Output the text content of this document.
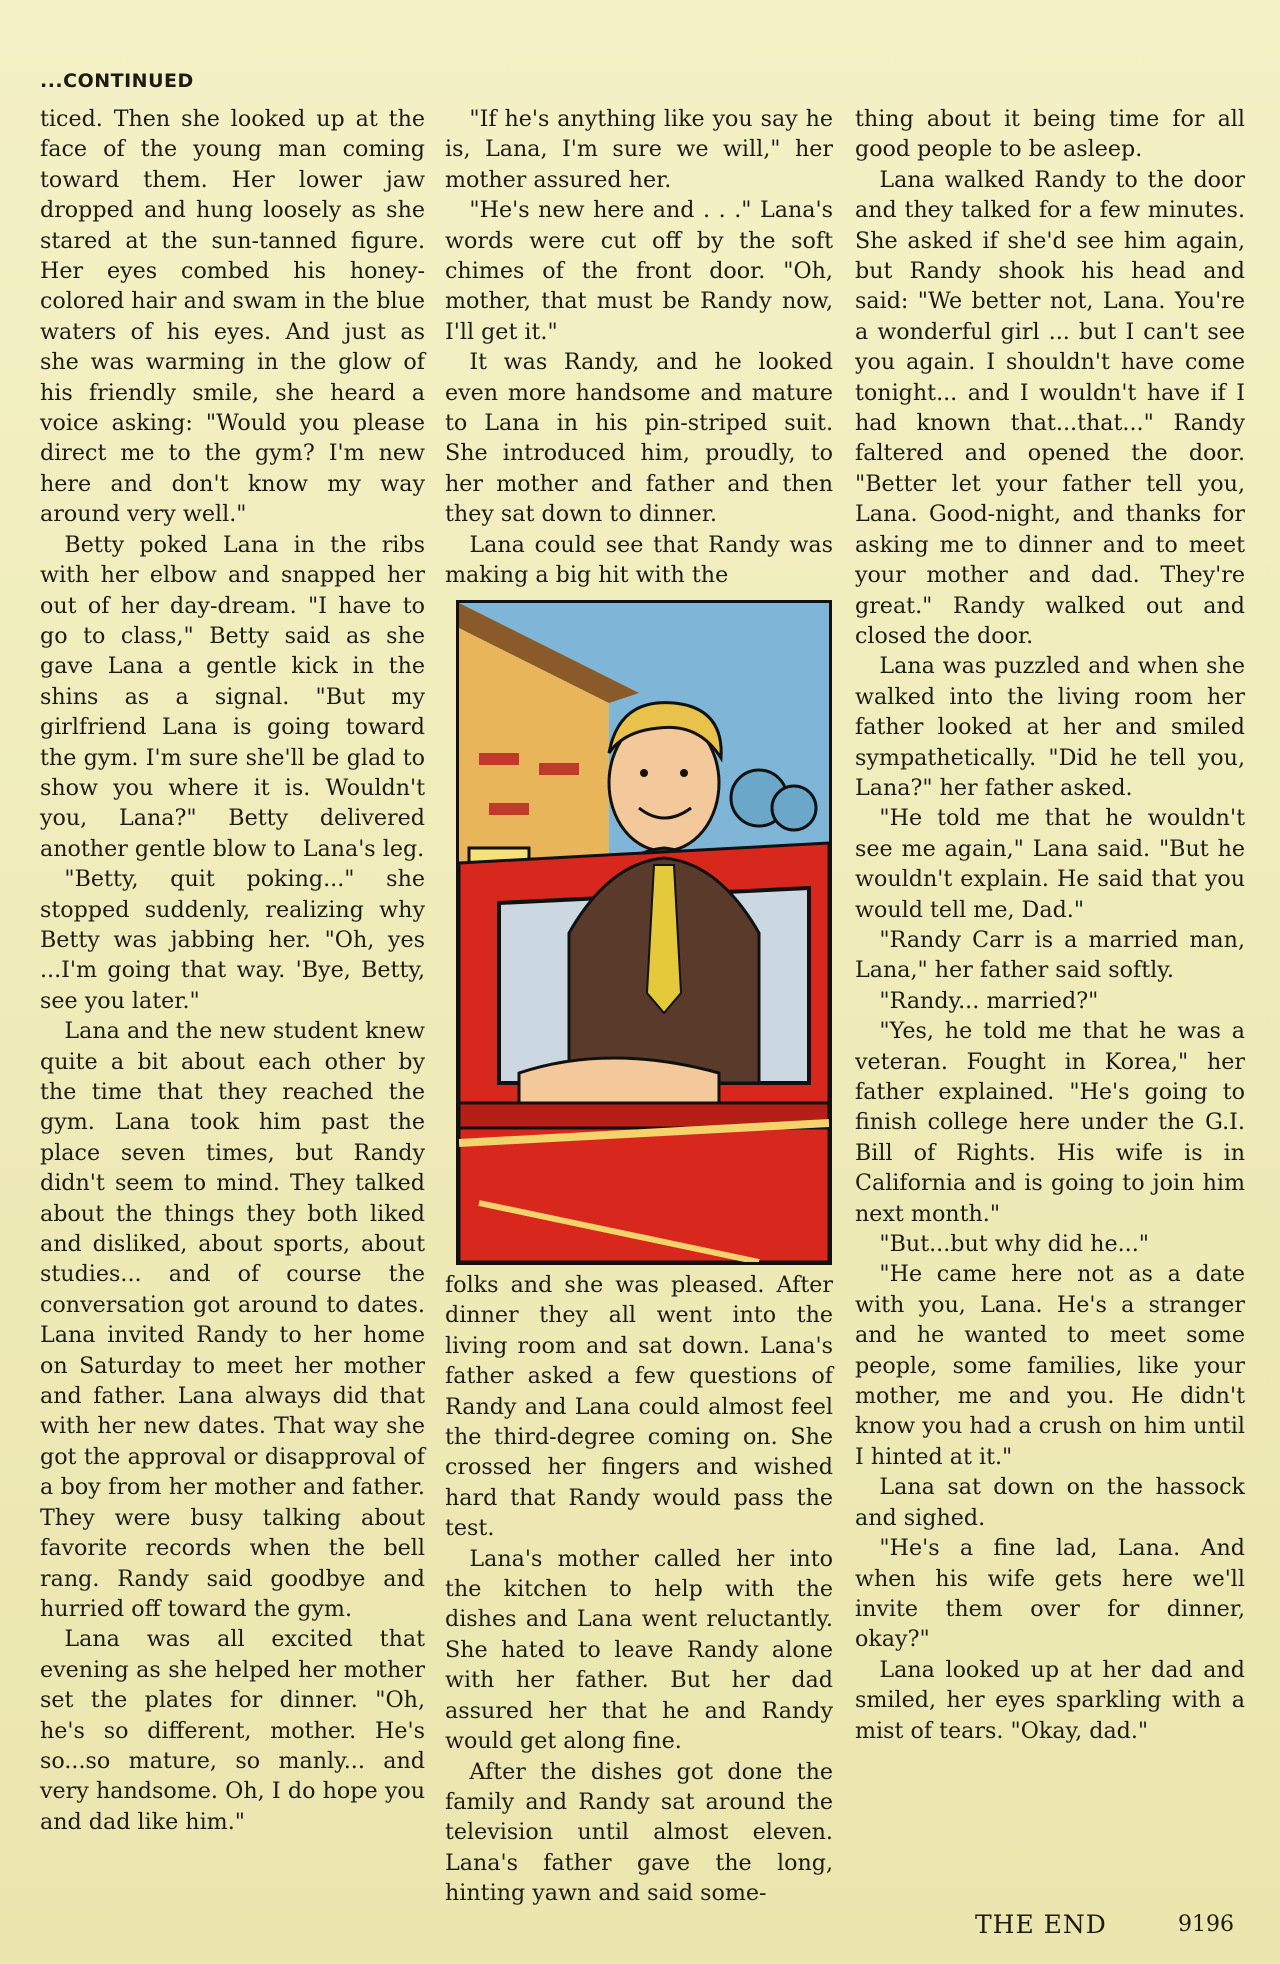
...CONTINUED

ticed. Then she looked up at the face of the young man coming toward them. Her lower jaw dropped and hung loosely as she stared at the sun-tanned figure. Her eyes combed his honey-colored hair and swam in the blue waters of his eyes. And just as she was warming in the glow of his friendly smile, she heard a voice asking: "Would you please direct me to the gym? I'm new here and don't know my way around very well."

Betty poked Lana in the ribs with her elbow and snapped her out of her day-dream. "I have to go to class," Betty said as she gave Lana a gentle kick in the shins as a signal. "But my girlfriend Lana is going toward the gym. I'm sure she'll be glad to show you where it is. Wouldn't you, Lana?" Betty delivered another gentle blow to Lana's leg.

"Betty, quit poking..." she stopped suddenly, realizing why Betty was jabbing her. "Oh, yes ...I'm going that way. 'Bye, Betty, see you later."

Lana and the new student knew quite a bit about each other by the time that they reached the gym. Lana took him past the place seven times, but Randy didn't seem to mind. They talked about the things they both liked and disliked, about sports, about studies... and of course the conversation got around to dates. Lana invited Randy to her home on Saturday to meet her mother and father. Lana always did that with her new dates. That way she got the approval or disapproval of a boy from her mother and father. They were busy talking about favorite records when the bell rang. Randy said goodbye and hurried off toward the gym.

Lana was all excited that evening as she helped her mother set the plates for dinner. "Oh, he's so different, mother. He's so...so mature, so manly... and very handsome. Oh, I do hope you and dad like him."

"If he's anything like you say he is, Lana, I'm sure we will," her mother assured her.

"He's new here and . . ." Lana's words were cut off by the soft chimes of the front door. "Oh, mother, that must be Randy now, I'll get it."

It was Randy, and he looked even more handsome and mature to Lana in his pin-striped suit. She introduced him, proudly, to her mother and father and then they sat down to dinner.

Lana could see that Randy was making a big hit with the

folks and she was pleased. After dinner they all went into the living room and sat down. Lana's father asked a few questions of Randy and Lana could almost feel the third-degree coming on. She crossed her fingers and wished hard that Randy would pass the test.

Lana's mother called her into the kitchen to help with the dishes and Lana went reluctantly. She hated to leave Randy alone with her father. But her dad assured her that he and Randy would get along fine.

After the dishes got done the family and Randy sat around the television until almost eleven. Lana's father gave the long, hinting yawn and said some-

thing about it being time for all good people to be asleep.

Lana walked Randy to the door and they talked for a few minutes. She asked if she'd see him again, but Randy shook his head and said: "We better not, Lana. You're a wonderful girl ... but I can't see you again. I shouldn't have come tonight... and I wouldn't have if I had known that...that..." Randy faltered and opened the door. "Better let your father tell you, Lana. Good-night, and thanks for asking me to dinner and to meet your mother and dad. They're great." Randy walked out and closed the door.

Lana was puzzled and when she walked into the living room her father looked at her and smiled sympathetically. "Did he tell you, Lana?" her father asked.

"He told me that he wouldn't see me again," Lana said. "But he wouldn't explain. He said that you would tell me, Dad."

"Randy Carr is a married man, Lana," her father said softly.

"Randy... married?"

"Yes, he told me that he was a veteran. Fought in Korea," her father explained. "He's going to finish college here under the G.I. Bill of Rights. His wife is in California and is going to join him next month."

"But...but why did he..."

"He came here not as a date with you, Lana. He's a stranger and he wanted to meet some people, some families, like your mother, me and you. He didn't know you had a crush on him until I hinted at it."

Lana sat down on the hassock and sighed.

"He's a fine lad, Lana. And when his wife gets here we'll invite them over for dinner, okay?"

Lana looked up at her dad and smiled, her eyes sparkling with a mist of tears. "Okay, dad."

THE END	9196
